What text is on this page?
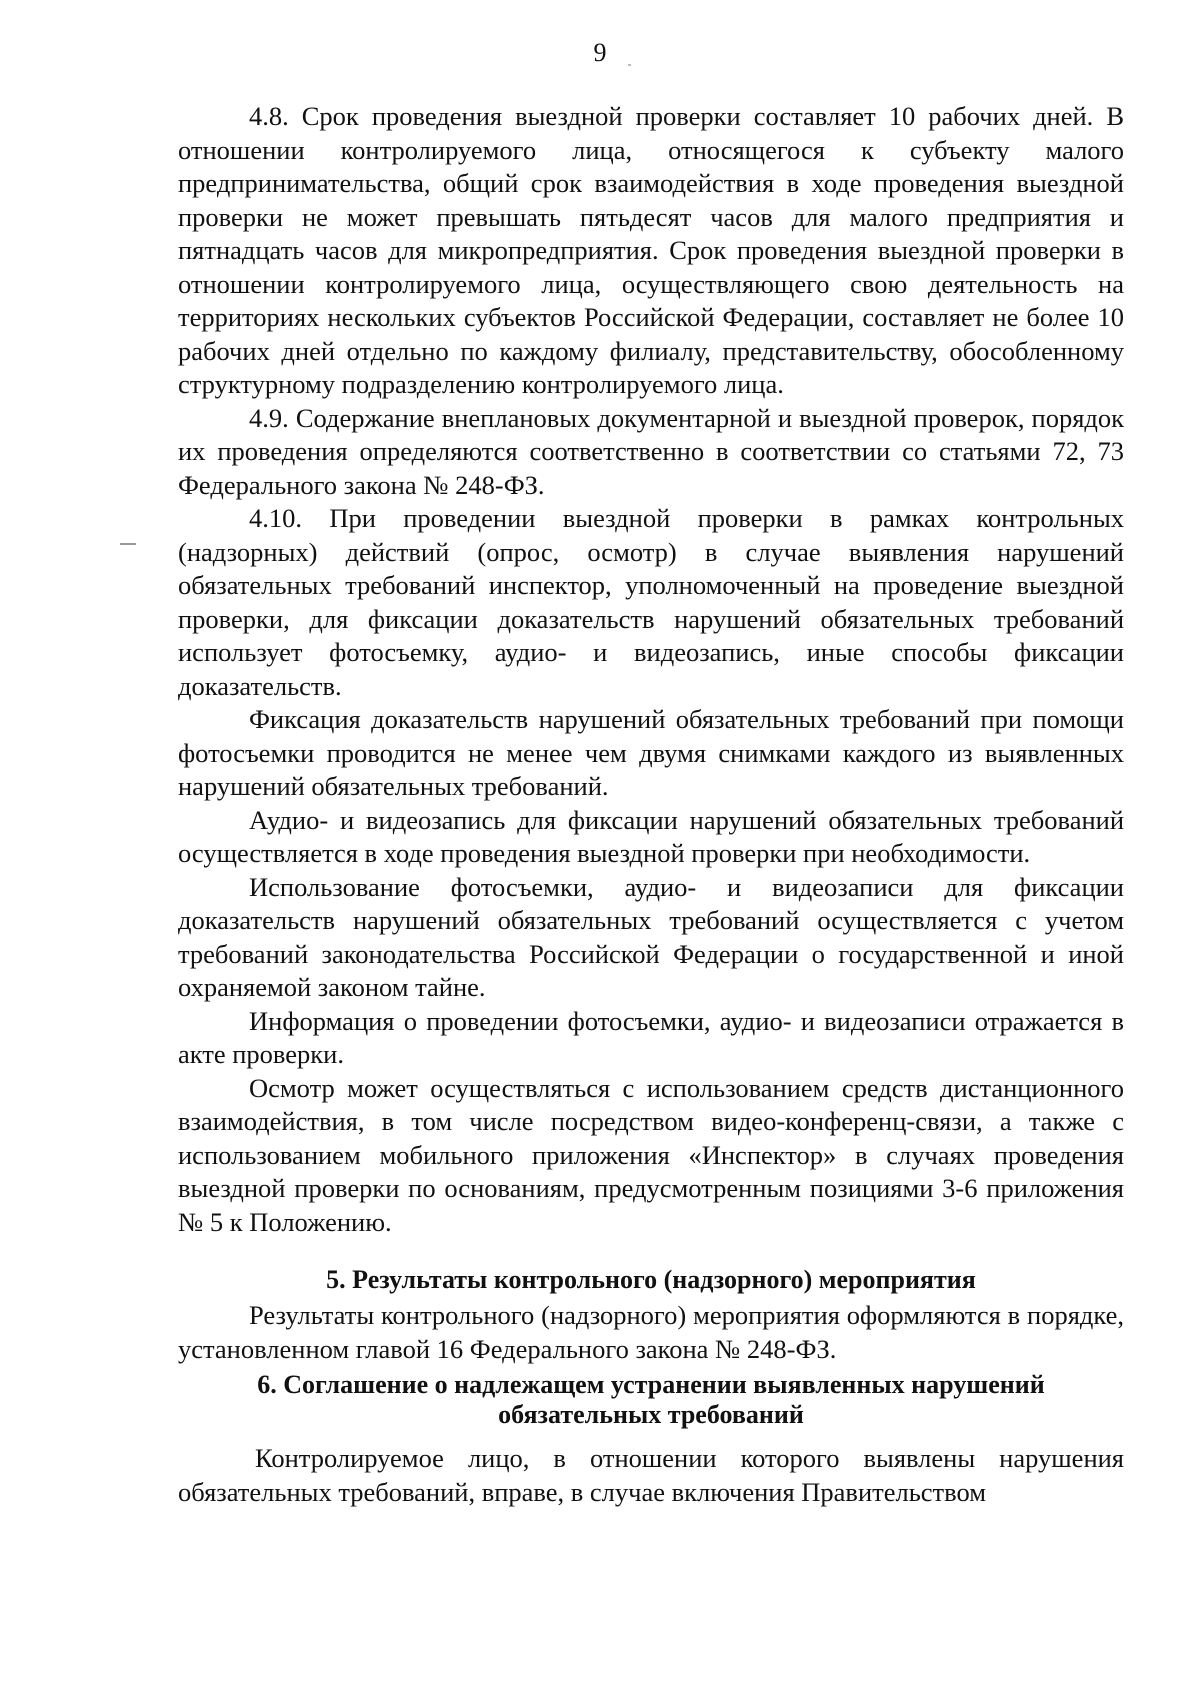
9

4.8. Срок проведения выездной проверки составляет 10 рабочих дней. В отношении контролируемого лица, относящегося к субъекту малого предпринимательства, общий срок взаимодействия в ходе проведения выездной проверки не может превышать пятьдесят часов для малого предприятия и пятнадцать часов для микропредприятия. Срок проведения выездной проверки в отношении контролируемого лица, осуществляющего свою деятельность на территориях нескольких субъектов Российской Федерации, составляет не более 10 рабочих дней отдельно по каждому филиалу, представительству, обособленному структурному подразделению контролируемого лица.

4.9. Содержание внеплановых документарной и выездной проверок, порядок их проведения определяются соответственно в соответствии со статьями 72, 73 Федерального закона № 248-ФЗ.

4.10. При проведении выездной проверки в рамках контрольных (надзорных) действий (опрос, осмотр) в случае выявления нарушений обязательных требований инспектор, уполномоченный на проведение выездной проверки, для фиксации доказательств нарушений обязательных требований использует фотосъемку, аудио- и видеозапись, иные способы фиксации доказательств.

Фиксация доказательств нарушений обязательных требований при помощи фотосъемки проводится не менее чем двумя снимками каждого из выявленных нарушений обязательных требований.

Аудио- и видеозапись для фиксации нарушений обязательных требований осуществляется в ходе проведения выездной проверки при необходимости.

Использование фотосъемки, аудио- и видеозаписи для фиксации доказательств нарушений обязательных требований осуществляется с учетом требований законодательства Российской Федерации о государственной и иной охраняемой законом тайне.

Информация о проведении фотосъемки, аудио- и видеозаписи отражается в акте проверки.

Осмотр может осуществляться с использованием средств дистанционного взаимодействия, в том числе посредством видео-конференц-связи, а также с использованием мобильного приложения «Инспектор» в случаях проведения выездной проверки по основаниям, предусмотренным позициями 3-6 приложения № 5 к Положению.

5. Результаты контрольного (надзорного) мероприятия

Результаты контрольного (надзорного) мероприятия оформляются в порядке, установленном главой 16 Федерального закона № 248-ФЗ.

6. Соглашение о надлежащем устранении выявленных нарушений обязательных требований

Контролируемое лицо, в отношении которого выявлены нарушения обязательных требований, вправе, в случае включения Правительством
